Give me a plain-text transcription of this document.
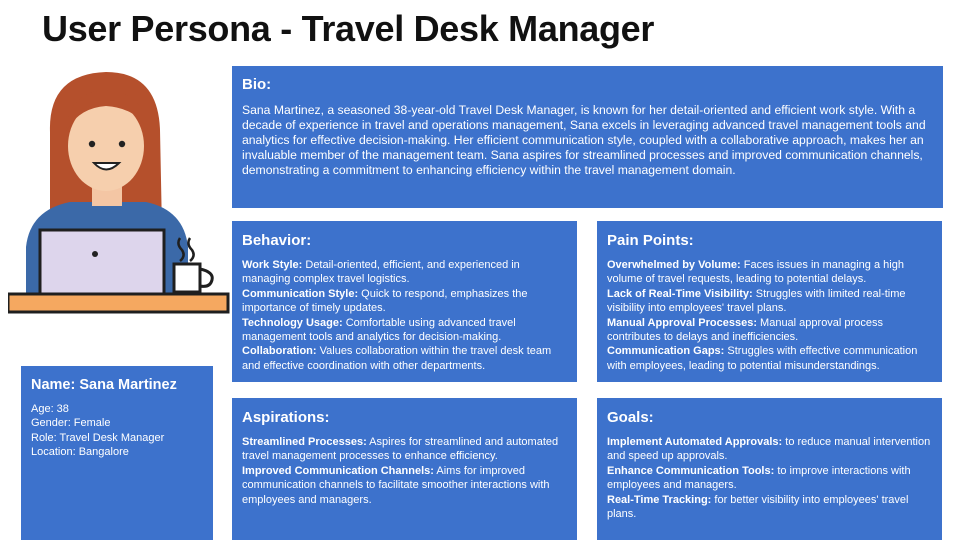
User Persona - Travel Desk Manager
Bio:

Sana Martinez, a seasoned 38-year-old Travel Desk Manager, is known for her detail-oriented and efficient work style. With a decade of experience in travel and operations management, Sana excels in leveraging advanced travel management tools and analytics for effective decision-making. Her efficient communication style, coupled with a collaborative approach, makes her an invaluable member of the management team. Sana aspires for streamlined processes and improved communication channels, demonstrating a commitment to enhancing efficiency within the travel management domain.

Behavior:
Work Style: Detail-oriented, efficient, and experienced in managing complex travel logistics.
Communication Style: Quick to respond, emphasizes the importance of timely updates.
Technology Usage: Comfortable using advanced travel management tools and analytics for decision-making.
Collaboration: Values collaboration within the travel desk team and effective coordination with other departments.
Pain Points:
Overwhelmed by Volume: Faces issues in managing a high volume of travel requests, leading to potential delays.
Lack of Real-Time Visibility: Struggles with limited real-time visibility into employees' travel plans.
Manual Approval Processes: Manual approval process contributes to delays and inefficiencies.
Communication Gaps: Struggles with effective communication with employees, leading to potential misunderstandings.
Name: Sana Martinez
Age: 38
Gender: Female
Role: Travel Desk Manager
Location: Bangalore
Aspirations:
Streamlined Processes: Aspires for streamlined and automated travel management processes to enhance efficiency.
Improved Communication Channels: Aims for improved communication channels to facilitate smoother interactions with employees and managers.
Goals:
Implement Automated Approvals: to reduce manual intervention and speed up approvals.
Enhance Communication Tools: to improve interactions with employees and managers.
Real-Time Tracking: for better visibility into employees' travel plans.
